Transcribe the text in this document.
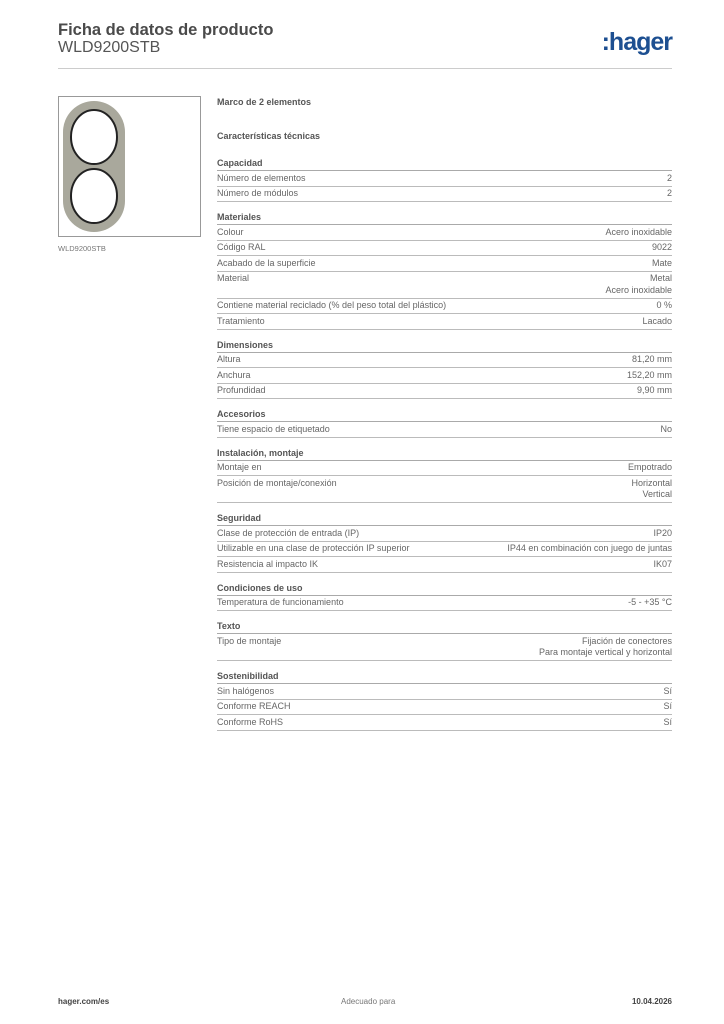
Ficha de datos de producto
WLD9200STB	:hager
WLD9200STB
Marco de 2 elementos
Características técnicas
Capacidad
Número de elementos	2
Número de módulos	2
Materiales
Colour	Acero inoxidable
Código RAL	9022
Acabado de la superficie	Mate
Material	Metal
Acero inoxidable
Contiene material reciclado (% del peso total del plástico)	0 %
Tratamiento	Lacado
Dimensiones
Altura	81,20 mm
Anchura	152,20 mm
Profundidad	9,90 mm
Accesorios
Tiene espacio de etiquetado	No
Instalación, montaje
Montaje en	Empotrado
Posición de montaje/conexión	Horizontal
Vertical
Seguridad
Clase de protección de entrada (IP)	IP20
Utilizable en una clase de protección IP superior	IP44 en combinación con juego de juntas
Resistencia al impacto IK	IK07
Condiciones de uso
Temperatura de funcionamiento	-5 - +35 °C
Texto
Tipo de montaje	Fijación de conectores
Para montaje vertical y horizontal
Sostenibilidad
Sin halógenos	Sí
Conforme REACH	Sí
Conforme RoHS	Sí
hager.com/es	Adecuado para	10.04.2026
